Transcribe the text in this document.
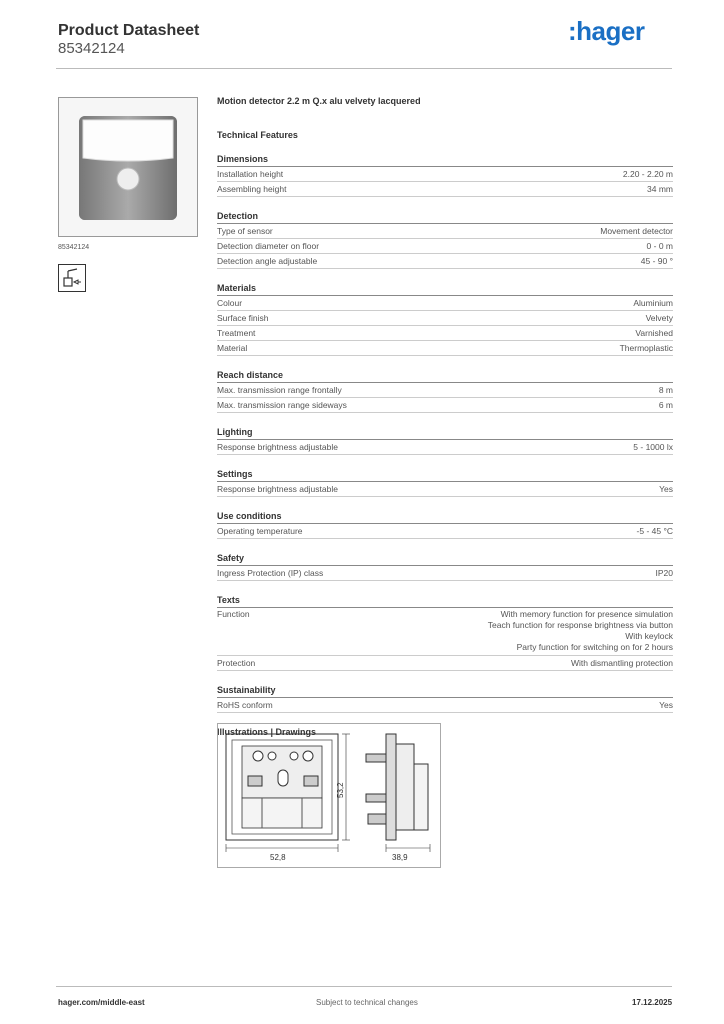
Product Datasheet
85342124
:hager
85342124
Motion detector 2.2 m Q.x alu velvety lacquered
Technical Features
Dimensions
Installation height	2.20 - 2.20 m
Assembling height	34 mm
Detection
Type of sensor	Movement detector
Detection diameter on floor	0 - 0 m
Detection angle adjustable	45 - 90 °
Materials
Colour	Aluminium
Surface finish	Velvety
Treatment	Varnished
Material	Thermoplastic
Reach distance
Max. transmission range frontally	8 m
Max. transmission range sideways	6 m
Lighting
Response brightness adjustable	5 - 1000 lx
Settings
Response brightness adjustable	Yes
Use conditions
Operating temperature	-5 - 45 °C
Safety
Ingress Protection (IP) class	IP20
Texts
Function	With memory function for presence simulation
Teach function for response brightness via button
With keylock
Party function for switching on for 2 hours
Protection	With dismantling protection
Sustainability
RoHS conform	Yes
Illustrations | Drawings
52,8
53,2
38,9
hager.com/middle-east	Subject to technical changes	17.12.2025
